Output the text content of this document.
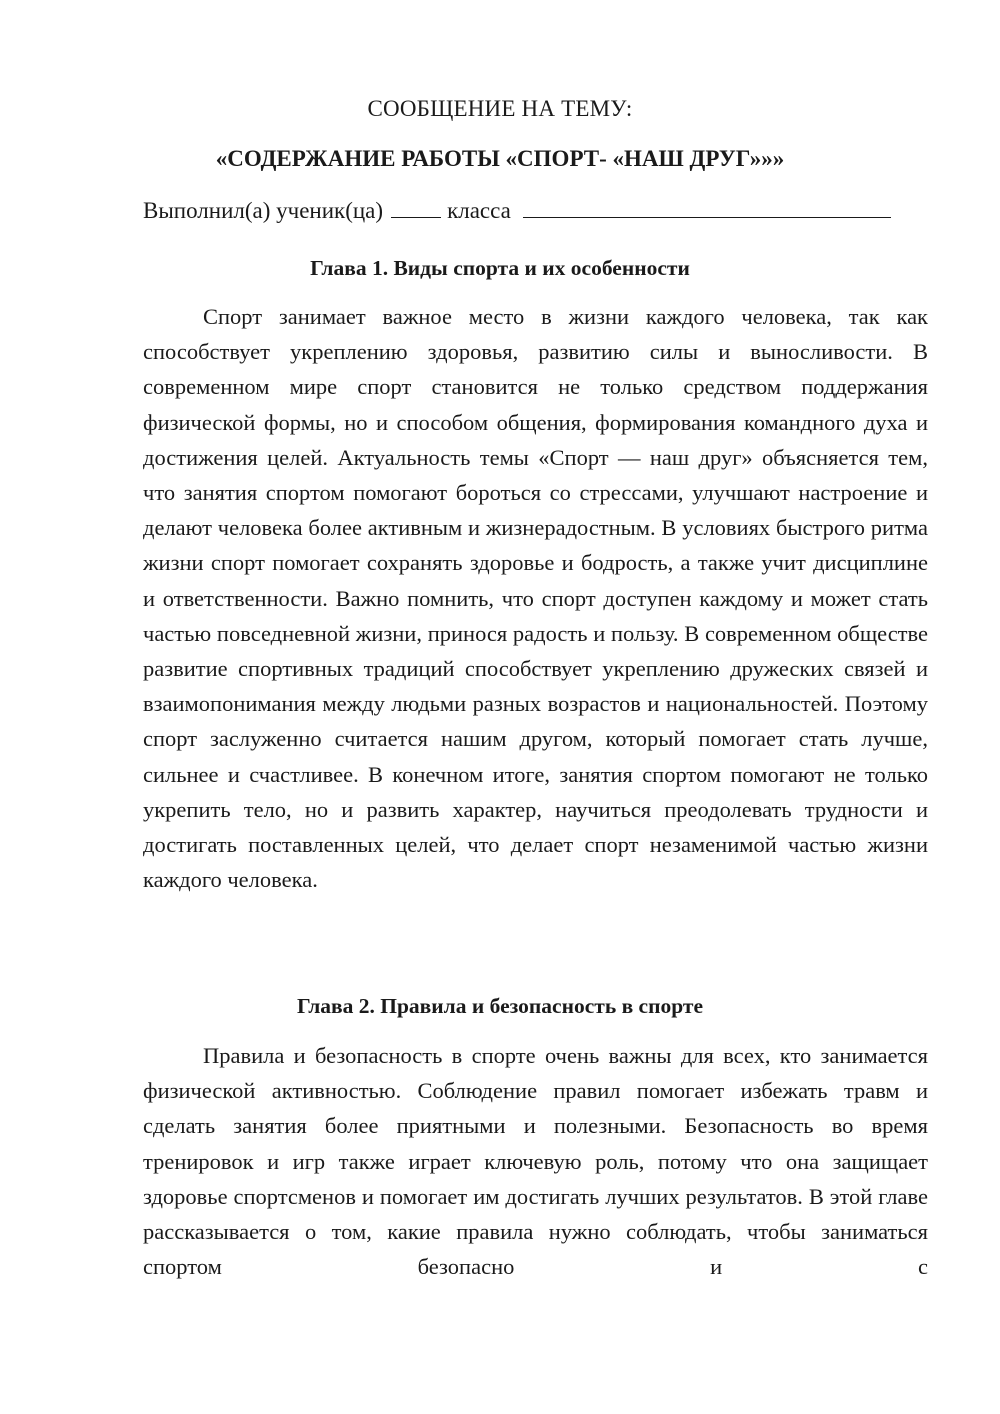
СООБЩЕНИЕ НА ТЕМУ:
«СОДЕРЖАНИЕ РАБОТЫ «СПОРТ- «НАШ ДРУГ»»»
Выполнил(а) ученик(ца)	класса
Глава 1. Виды спорта и их особенности

Спорт занимает важное место в жизни каждого человека, так как способствует укреплению здоровья, развитию силы и выносливости. В современном мире спорт становится не только средством поддержания физической формы, но и способом общения, формирования командного духа и достижения целей. Актуальность темы «Спорт — наш друг» объясняется тем, что занятия спортом помогают бороться со стрессами, улучшают настроение и делают человека более активным и жизнерадостным. В условиях быстрого ритма жизни спорт помогает сохранять здоровье и бодрость, а также учит дисциплине и ответственности. Важно помнить, что спорт доступен каждому и может стать частью повседневной жизни, принося радость и пользу. В современном обществе развитие спортивных традиций способствует укреплению дружеских связей и взаимопонимания между людьми разных возрастов и национальностей. Поэтому спорт заслуженно считается нашим другом, который помогает стать лучше, сильнее и счастливее. В конечном итоге, занятия спортом помогают не только укрепить тело, но и развить характер, научиться преодолевать трудности и достигать поставленных целей, что делает спорт незаменимой частью жизни каждого человека.

Глава 2. Правила и безопасность в спорте

Правила и безопасность в спорте очень важны для всех, кто занимается физической активностью. Соблюдение правил помогает избежать травм и сделать занятия более приятными и полезными. Безопасность во время тренировок и игр также играет ключевую роль, потому что она защищает здоровье спортсменов и помогает им достигать лучших результатов. В этой главе рассказывается о том, какие правила нужно соблюдать, чтобы заниматься спортом безопасно и с
